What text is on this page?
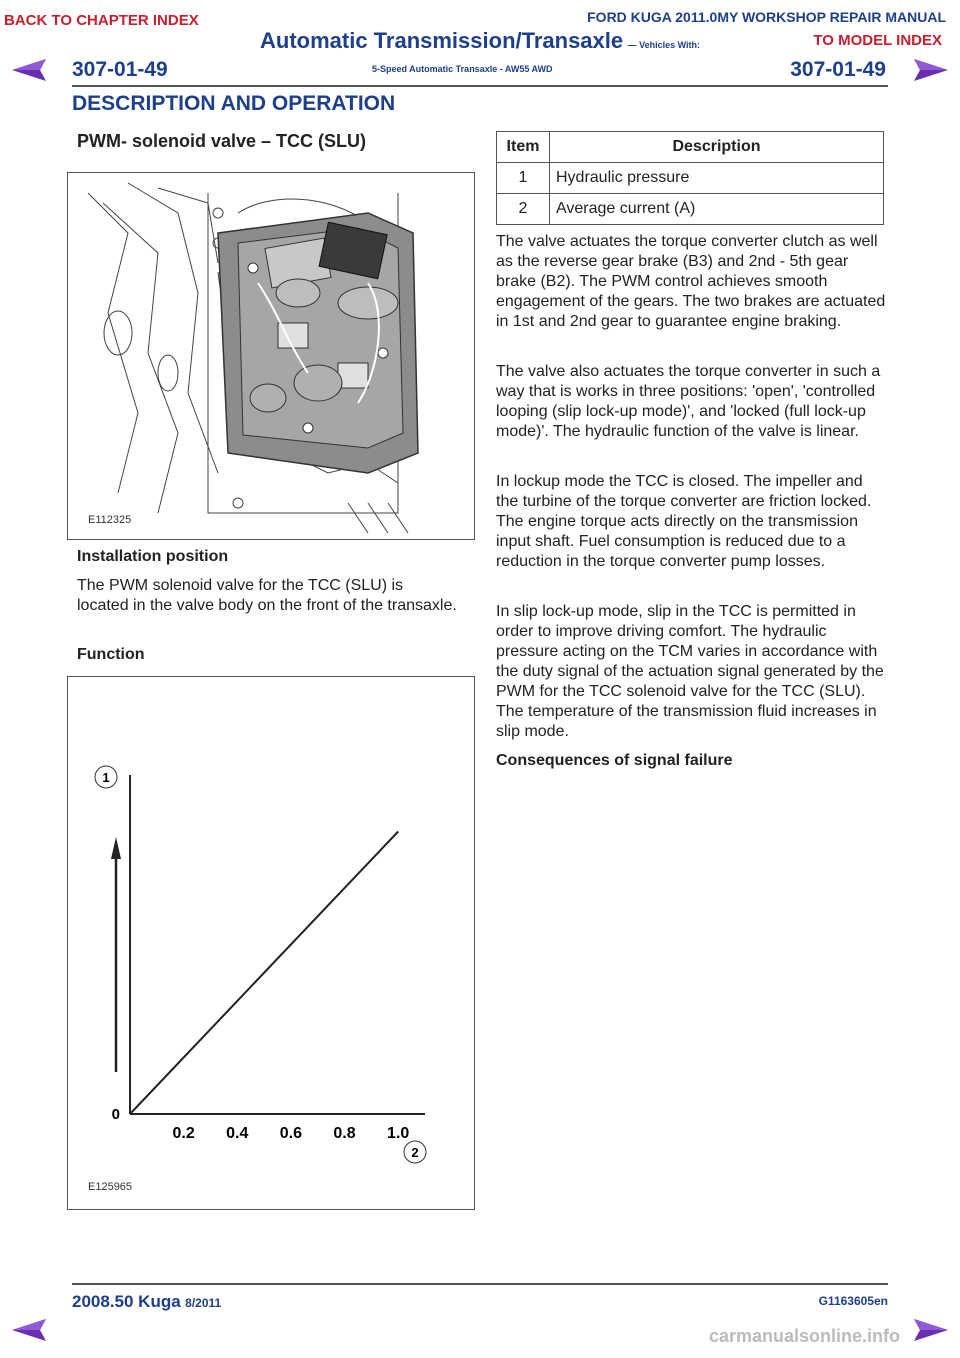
BACK TO CHAPTER INDEX
TO MODEL INDEX
FORD KUGA 2011.0MY WORKSHOP REPAIR MANUAL
Automatic Transmission/Transaxle — Vehicles With:
5-Speed Automatic Transaxle - AW55 AWD
307-01-49	307-01-49
DESCRIPTION AND OPERATION
PWM- solenoid valve – TCC (SLU)
E112325
Installation position

The PWM solenoid valve for the TCC (SLU) is located in the valve body on the front of the transaxle.

Function
0.2 0.4 0.6 0.8 1.0
0
1
2
E125965
Item	Description
1	Hydraulic pressure
2	Average current (A)

The valve actuates the torque converter clutch as well as the reverse gear brake (B3) and 2nd - 5th gear brake (B2). The PWM control achieves smooth engagement of the gears. The two brakes are actuated in 1st and 2nd gear to guarantee engine braking.

The valve also actuates the torque converter in such a way that is works in three positions: 'open', 'controlled looping (slip lock-up mode)', and 'locked (full lock-up mode)'. The hydraulic function of the valve is linear.

In lockup mode the TCC is closed. The impeller and the turbine of the torque converter are friction locked. The engine torque acts directly on the transmission input shaft. Fuel consumption is reduced due to a reduction in the torque converter pump losses.

In slip lock-up mode, slip in the TCC is permitted in order to improve driving comfort. The hydraulic pressure acting on the TCM varies in accordance with the duty signal of the actuation signal generated by the PWM for the TCC solenoid valve for the TCC (SLU). The temperature of the transmission fluid increases in slip mode.

Consequences of signal failure
2008.50 Kuga 8/2011	G1163605en
carmanualsonline.info
